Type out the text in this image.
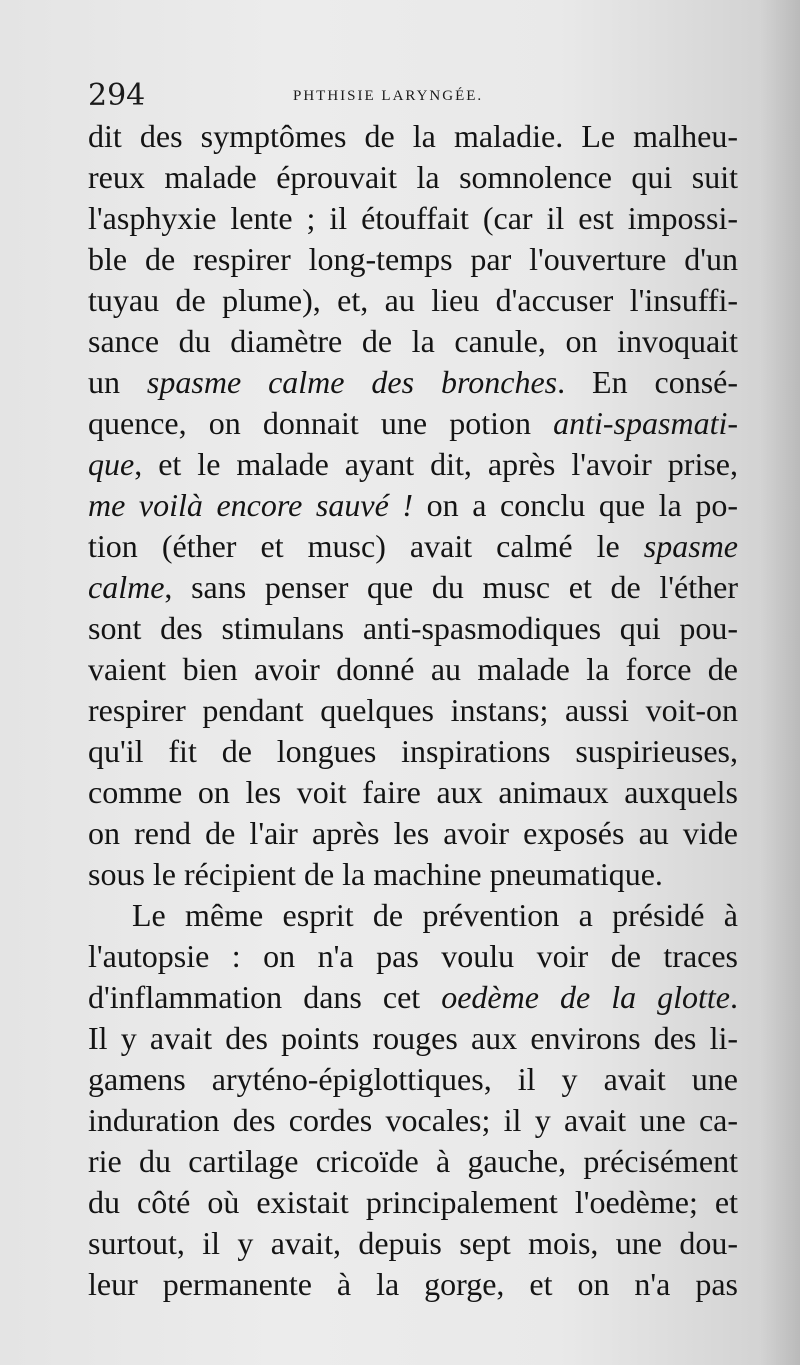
294	PHTHISIE LARYNGÉE.
dit des symptômes de la maladie. Le malheu-
reux malade éprouvait la somnolence qui suit
l'asphyxie lente ; il étouffait (car il est impossi-
ble de respirer long-temps par l'ouverture d'un
tuyau de plume), et, au lieu d'accuser l'insuffi-
sance du diamètre de la canule, on invoquait
un spasme calme des bronches. En consé-
quence, on donnait une potion anti-spasmati-
que, et le malade ayant dit, après l'avoir prise,
me voilà encore sauvé ! on a conclu que la po-
tion (éther et musc) avait calmé le spasme
calme, sans penser que du musc et de l'éther
sont des stimulans anti-spasmodiques qui pou-
vaient bien avoir donné au malade la force de
respirer pendant quelques instans; aussi voit-on
qu'il fit de longues inspirations suspirieuses,
comme on les voit faire aux animaux auxquels
on rend de l'air après les avoir exposés au vide
sous le récipient de la machine pneumatique.
Le même esprit de prévention a présidé à
l'autopsie : on n'a pas voulu voir de traces
d'inflammation dans cet oedème de la glotte.
Il y avait des points rouges aux environs des li-
gamens aryténo-épiglottiques, il y avait une
induration des cordes vocales; il y avait une ca-
rie du cartilage cricoïde à gauche, précisément
du côté où existait principalement l'oedème; et
surtout, il y avait, depuis sept mois, une dou-
leur permanente à la gorge, et on n'a pas
